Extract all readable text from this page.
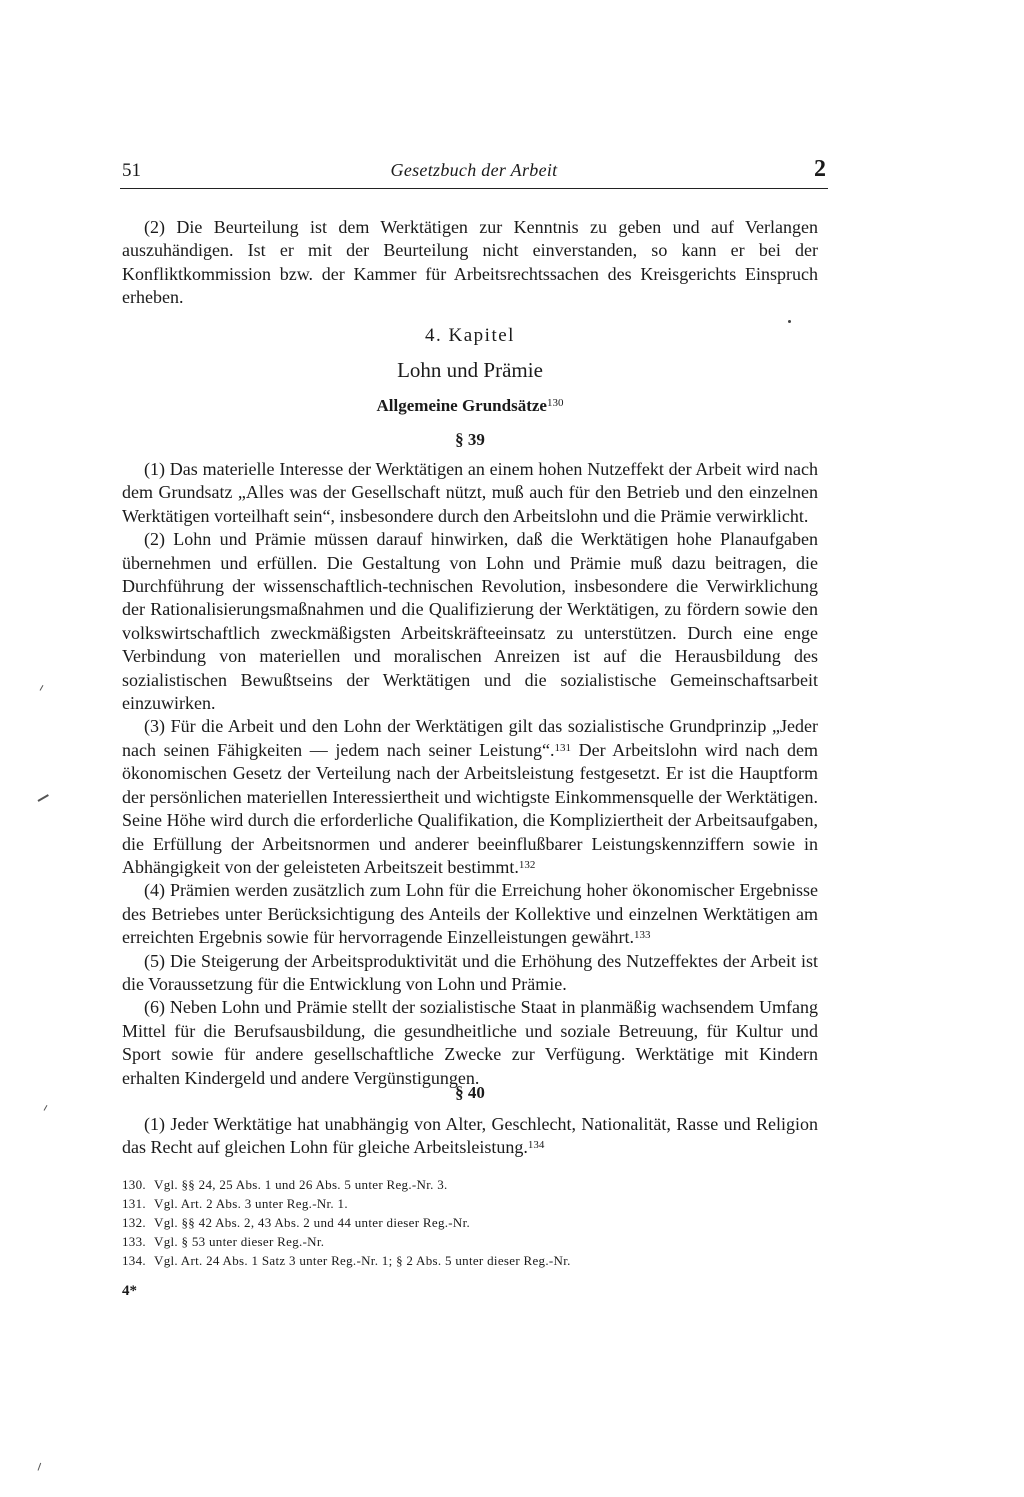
51	Gesetzbuch der Arbeit	2

(2) Die Beurteilung ist dem Werktätigen zur Kenntnis zu geben und auf Verlangen auszuhändigen. Ist er mit der Beurteilung nicht einverstanden, so kann er bei der Konfliktkommission bzw. der Kammer für Arbeitsrechtssachen des Kreisgerichts Einspruch erheben.

4. Kapitel
Lohn und Prämie
Allgemeine Grundsätze$^{130}$
§ 39

(1) Das materielle Interesse der Werktätigen an einem hohen Nutzeffekt der Arbeit wird nach dem Grundsatz „Alles was der Gesellschaft nützt, muß auch für den Betrieb und den einzelnen Werktätigen vorteilhaft sein“, insbesondere durch den Arbeitslohn und die Prämie verwirklicht.

(2) Lohn und Prämie müssen darauf hinwirken, daß die Werktätigen hohe Planaufgaben übernehmen und erfüllen. Die Gestaltung von Lohn und Prämie muß dazu beitragen, die Durchführung der wissenschaftlich-technischen Revolution, insbesondere die Verwirklichung der Rationalisierungsmaßnahmen und die Qualifizierung der Werktätigen, zu fördern sowie den volkswirtschaftlich zweckmäßigsten Arbeitskräfteeinsatz zu unterstützen. Durch eine enge Verbindung von materiellen und moralischen Anreizen ist auf die Herausbildung des sozialistischen Bewußtseins der Werktätigen und die sozialistische Gemeinschaftsarbeit einzuwirken.

(3) Für die Arbeit und den Lohn der Werktätigen gilt das sozialistische Grundprinzip „Jeder nach seinen Fähigkeiten — jedem nach seiner Leistung“.$^{131}$ Der Arbeitslohn wird nach dem ökonomischen Gesetz der Verteilung nach der Arbeitsleistung festgesetzt. Er ist die Hauptform der persönlichen materiellen Interessiertheit und wichtigste Einkommensquelle der Werktätigen. Seine Höhe wird durch die erforderliche Qualifikation, die Kompliziertheit der Arbeitsaufgaben, die Erfüllung der Arbeitsnormen und anderer beeinflußbarer Leistungskennziffern sowie in Abhängigkeit von der geleisteten Arbeitszeit bestimmt.$^{132}$

(4) Prämien werden zusätzlich zum Lohn für die Erreichung hoher ökonomischer Ergebnisse des Betriebes unter Berücksichtigung des Anteils der Kollektive und einzelnen Werktätigen am erreichten Ergebnis sowie für hervorragende Einzelleistungen gewährt.$^{133}$

(5) Die Steigerung der Arbeitsproduktivität und die Erhöhung des Nutzeffektes der Arbeit ist die Voraussetzung für die Entwicklung von Lohn und Prämie.

(6) Neben Lohn und Prämie stellt der sozialistische Staat in planmäßig wachsendem Umfang Mittel für die Berufsausbildung, die gesundheitliche und soziale Betreuung, für Kultur und Sport sowie für andere gesellschaftliche Zwecke zur Verfügung. Werktätige mit Kindern erhalten Kindergeld und andere Vergünstigungen.

§ 40

(1) Jeder Werktätige hat unabhängig von Alter, Geschlecht, Nationalität, Rasse und Religion das Recht auf gleichen Lohn für gleiche Arbeitsleistung.$^{134}$

130. Vgl. §§ 24, 25 Abs. 1 und 26 Abs. 5 unter Reg.-Nr. 3.
131. Vgl. Art. 2 Abs. 3 unter Reg.-Nr. 1.
132. Vgl. §§ 42 Abs. 2, 43 Abs. 2 und 44 unter dieser Reg.-Nr.
133. Vgl. § 53 unter dieser Reg.-Nr.
134. Vgl. Art. 24 Abs. 1 Satz 3 unter Reg.-Nr. 1; § 2 Abs. 5 unter dieser Reg.-Nr.
4*
